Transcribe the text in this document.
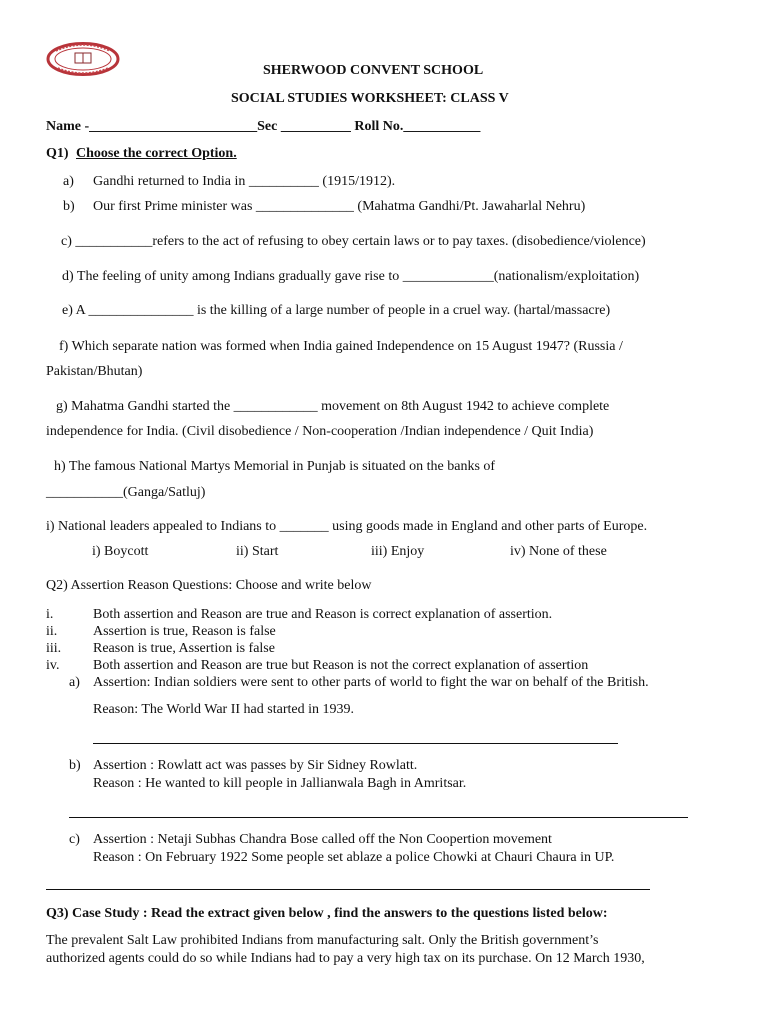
SHERWOOD CONVENT SCHOOL
SOCIAL STUDIES WORKSHEET: CLASS V
Name -________________________Sec __________ Roll No.___________
Q1) Choose the correct Option.
a) Gandhi returned to India in __________ (1915/1912).
b) Our first Prime minister was ______________ (Mahatma Gandhi/Pt. Jawaharlal Nehru)
c) ___________refers to the act of refusing to obey certain laws or to pay taxes. (disobedience/violence)
d) The feeling of unity among Indians gradually gave rise to _____________(nationalism/exploitation)
e) A _______________ is the killing of a large number of people in a cruel way. (hartal/massacre)
f) Which separate nation was formed when India gained Independence on 15 August 1947? (Russia /
Pakistan/Bhutan)
g) Mahatma Gandhi started the ____________ movement on 8th August 1942 to achieve complete
independence for India. (Civil disobedience / Non-cooperation /Indian independence / Quit India)
h) The famous National Martys Memorial in Punjab is situated on the banks of
___________(Ganga/Satluj)
i) National leaders appealed to Indians to _______ using goods made in England and other parts of Europe.
i) Boycott	ii) Start	iii) Enjoy	iv) None of these
Q2) Assertion Reason Questions: Choose and write below
i.	Both assertion and Reason are true and Reason is correct explanation of assertion.
ii.	Assertion is true, Reason is false
iii. Reason is true, Assertion is false
iv. Both assertion and Reason are true but Reason is not the correct explanation of assertion
a) Assertion: Indian soldiers were sent to other parts of world to fight the war on behalf of the British.
Reason: The World War II had started in 1939.
b) Assertion : Rowlatt act was passes by Sir Sidney Rowlatt.
Reason : He wanted to kill people in Jallianwala Bagh in Amritsar.
c) Assertion : Netaji Subhas Chandra Bose called off the Non Coopertion movement
Reason : On February 1922 Some people set ablaze a police Chowki at Chauri Chaura in UP.
Q3) Case Study : Read the extract given below , find the answers to the questions listed below:
The prevalent Salt Law prohibited Indians from manufacturing salt. Only the British government’s
authorized agents could do so while Indians had to pay a very high tax on its purchase. On 12 March 1930,
